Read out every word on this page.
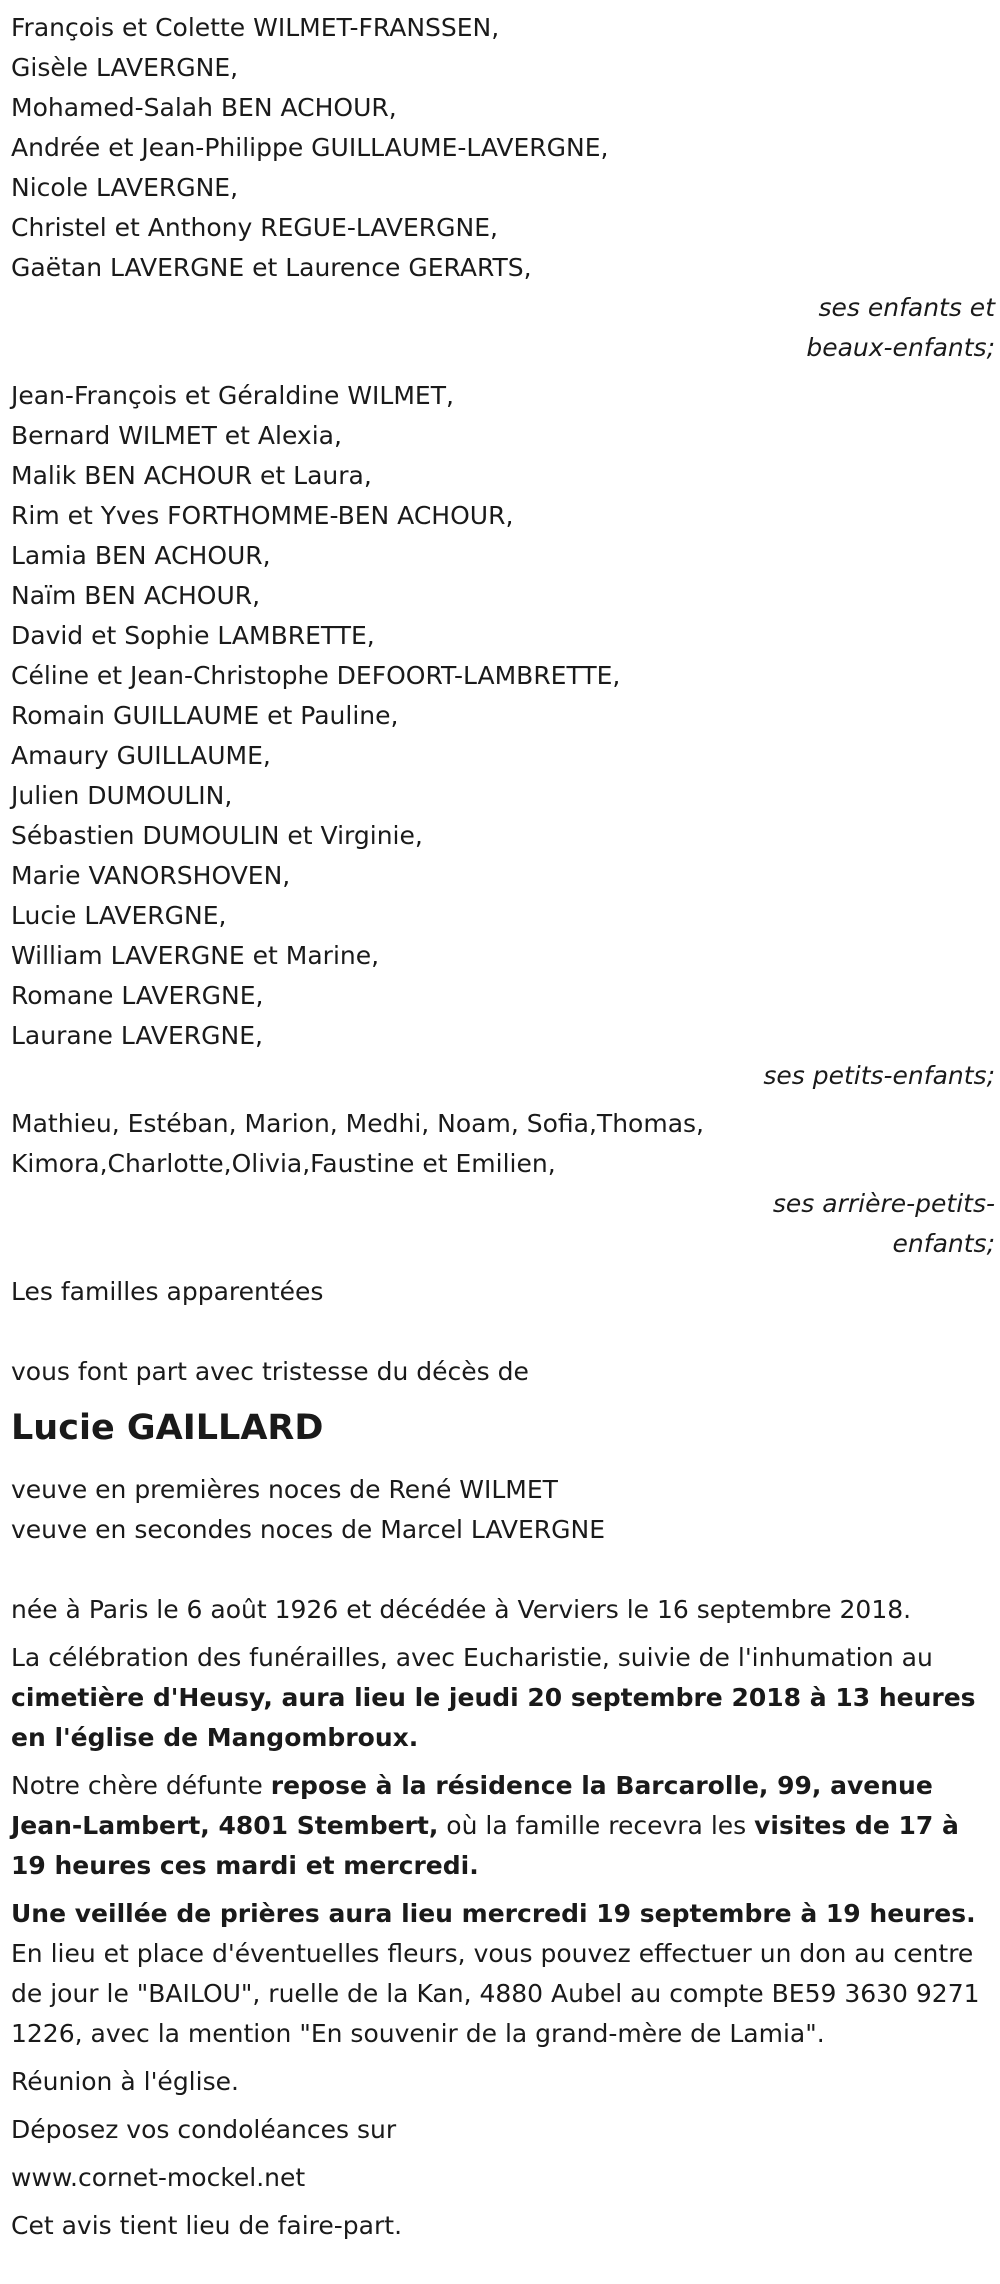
François et Colette WILMET-FRANSSEN,
Gisèle LAVERGNE,
Mohamed-Salah BEN ACHOUR,
Andrée et Jean-Philippe GUILLAUME-LAVERGNE,
Nicole LAVERGNE,
Christel et Anthony REGUE-LAVERGNE,
Gaëtan LAVERGNE et Laurence GERARTS,
ses enfants et
beaux-enfants;
Jean-François et Géraldine WILMET,
Bernard WILMET et Alexia,
Malik BEN ACHOUR et Laura,
Rim et Yves FORTHOMME-BEN ACHOUR,
Lamia BEN ACHOUR,
Naïm BEN ACHOUR,
David et Sophie LAMBRETTE,
Céline et Jean-Christophe DEFOORT-LAMBRETTE,
Romain GUILLAUME et Pauline,
Amaury GUILLAUME,
Julien DUMOULIN,
Sébastien DUMOULIN et Virginie,
Marie VANORSHOVEN,
Lucie LAVERGNE,
William LAVERGNE et Marine,
Romane LAVERGNE,
Laurane LAVERGNE,
ses petits-enfants;
Mathieu, Estéban, Marion, Medhi, Noam, Sofia,Thomas,
Kimora,Charlotte,Olivia,Faustine et Emilien,
ses arrière-petits-
enfants;
Les familles apparentées
vous font part avec tristesse du décès de
Lucie GAILLARD
veuve en premières noces de René WILMET
veuve en secondes noces de Marcel LAVERGNE
née à Paris le 6 août 1926 et décédée à Verviers le 16 septembre 2018.
La célébration des funérailles, avec Eucharistie, suivie de l'inhumation au cimetière d'Heusy, aura lieu le jeudi 20 septembre 2018 à 13 heures en l'église de Mangombroux.
Notre chère défunte repose à la résidence la Barcarolle, 99, avenue Jean-Lambert, 4801 Stembert, où la famille recevra les visites de 17 à 19 heures ces mardi et mercredi.
Une veillée de prières aura lieu mercredi 19 septembre à 19 heures.
En lieu et place d'éventuelles fleurs, vous pouvez effectuer un don au centre de jour le "BAILOU", ruelle de la Kan, 4880 Aubel au compte BE59 3630 9271 1226, avec la mention "En souvenir de la grand-mère de Lamia".
Réunion à l'église.
Déposez vos condoléances sur
www.cornet-mockel.net
Cet avis tient lieu de faire-part.
